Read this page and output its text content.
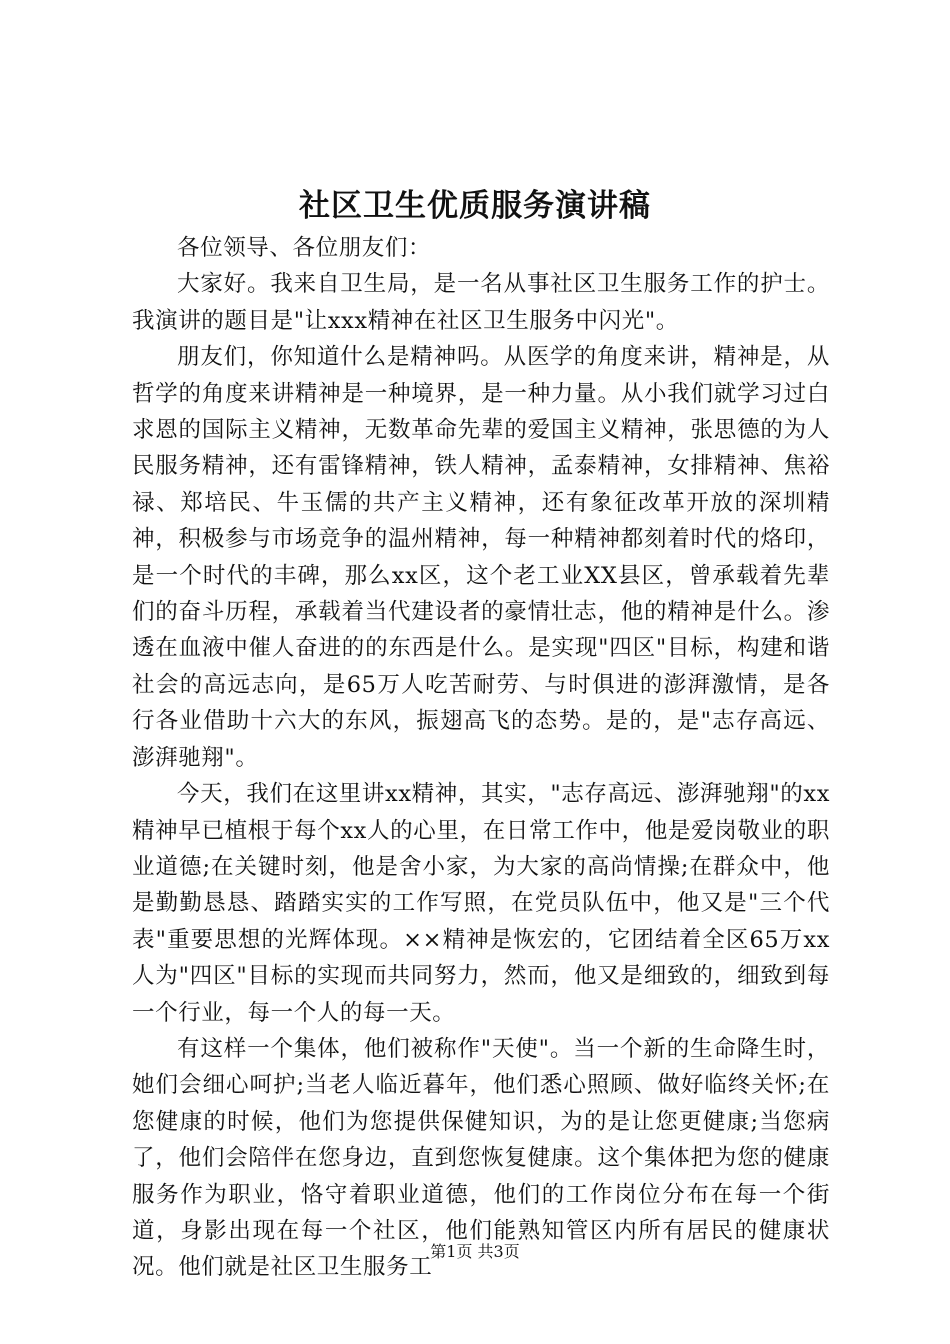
社区卫生优质服务演讲稿

各位领导、各位朋友们：

大家好。我来自卫生局，是一名从事社区卫生服务工作的护士。我演讲的题目是"让xxx精神在社区卫生服务中闪光"。

朋友们，你知道什么是精神吗。从医学的角度来讲，精神是，从哲学的角度来讲精神是一种境界，是一种力量。从小我们就学习过白求恩的国际主义精神，无数革命先辈的爱国主义精神，张思德的为人民服务精神，还有雷锋精神，铁人精神，孟泰精神，女排精神、焦裕禄、郑培民、牛玉儒的共产主义精神，还有象征改革开放的深圳精神，积极参与市场竞争的温州精神，每一种精神都刻着时代的烙印，是一个时代的丰碑，那么xx区，这个老工业XX县区，曾承载着先辈们的奋斗历程，承载着当代建设者的豪情壮志，他的精神是什么。渗透在血液中催人奋进的的东西是什么。是实现"四区"目标，构建和谐社会的高远志向，是65万人吃苦耐劳、与时俱进的澎湃激情，是各行各业借助十六大的东风，振翅高飞的态势。是的，是"志存高远、澎湃驰翔"。

今天，我们在这里讲xx精神，其实，"志存高远、澎湃驰翔"的xx精神早已植根于每个xx人的心里，在日常工作中，他是爱岗敬业的职业道德;在关键时刻，他是舍小家，为大家的高尚情操;在群众中，他是勤勤恳恳、踏踏实实的工作写照，在党员队伍中，他又是"三个代表"重要思想的光辉体现。××精神是恢宏的，它团结着全区65万xx人为"四区"目标的实现而共同努力，然而，他又是细致的，细致到每一个行业，每一个人的每一天。

有这样一个集体，他们被称作"天使"。当一个新的生命降生时，她们会细心呵护;当老人临近暮年，他们悉心照顾、做好临终关怀;在您健康的时候，他们为您提供保健知识，为的是让您更健康;当您病了，他们会陪伴在您身边，直到您恢复健康。这个集体把为您的健康服务作为职业，恪守着职业道德，他们的工作岗位分布在每一个街道，身影出现在每一个社区，他们能熟知管区内所有居民的健康状况。他们就是社区卫生服务工

第1页 共3页
